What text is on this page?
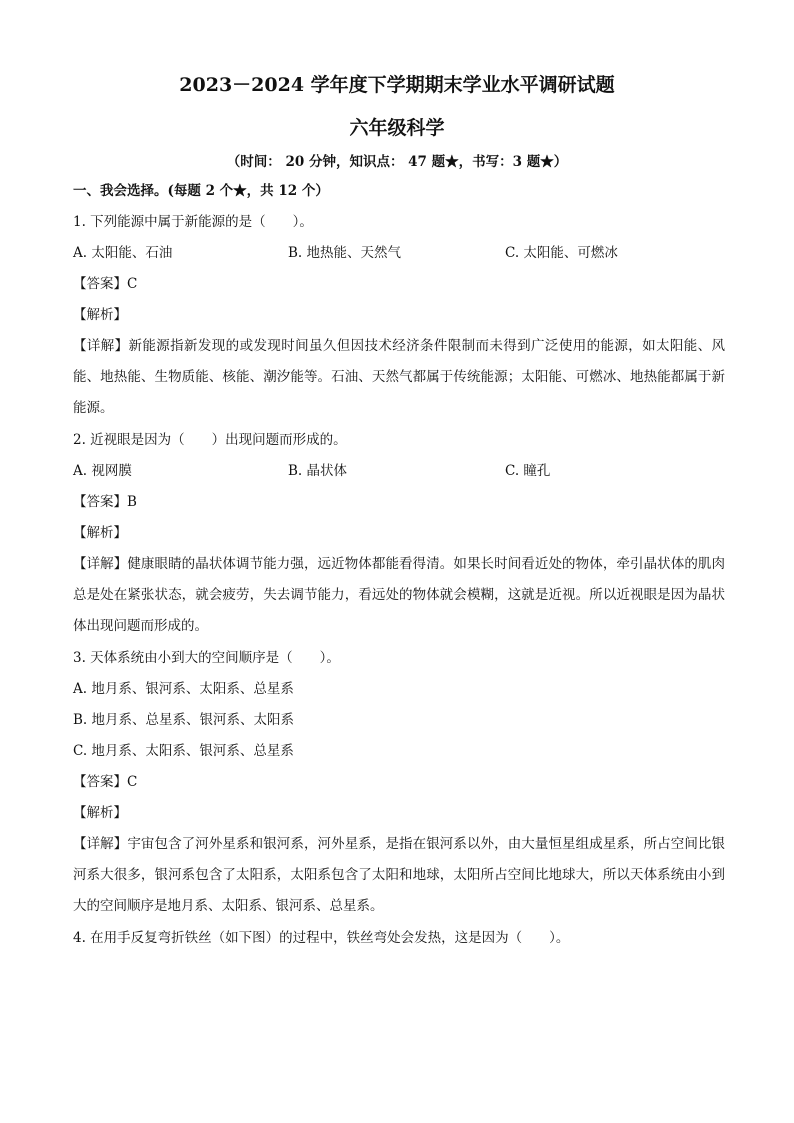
2023－2024 学年度下学期期末学业水平调研试题
六年级科学
（时间： 20 分钟，知识点： 47 题★，书写：3 题★）
一、我会选择。(每题 2 个★，共 12 个）
1. 下列能源中属于新能源的是（　　）。
A. 太阳能、石油	B. 地热能、天然气	C. 太阳能、可燃冰
【答案】C
【解析】
【详解】新能源指新发现的或发现时间虽久但因技术经济条件限制而未得到广泛使用的能源，如太阳能、风能、地热能、生物质能、核能、潮汐能等。石油、天然气都属于传统能源；太阳能、可燃冰、地热能都属于新能源。
2. 近视眼是因为（　　）出现问题而形成的。
A. 视网膜	B. 晶状体	C. 瞳孔
【答案】B
【解析】
【详解】健康眼睛的晶状体调节能力强，远近物体都能看得清。如果长时间看近处的物体，牵引晶状体的肌肉总是处在紧张状态，就会疲劳，失去调节能力，看远处的物体就会模糊，这就是近视。所以近视眼是因为晶状体出现问题而形成的。
3. 天体系统由小到大的空间顺序是（　　）。
A. 地月系、银河系、太阳系、总星系
B. 地月系、总星系、银河系、太阳系
C. 地月系、太阳系、银河系、总星系
【答案】C
【解析】
【详解】宇宙包含了河外星系和银河系，河外星系，是指在银河系以外，由大量恒星组成星系，所占空间比银河系大很多，银河系包含了太阳系，太阳系包含了太阳和地球，太阳所占空间比地球大，所以天体系统由小到大的空间顺序是地月系、太阳系、银河系、总星系。
4. 在用手反复弯折铁丝（如下图）的过程中，铁丝弯处会发热，这是因为（　　）。
